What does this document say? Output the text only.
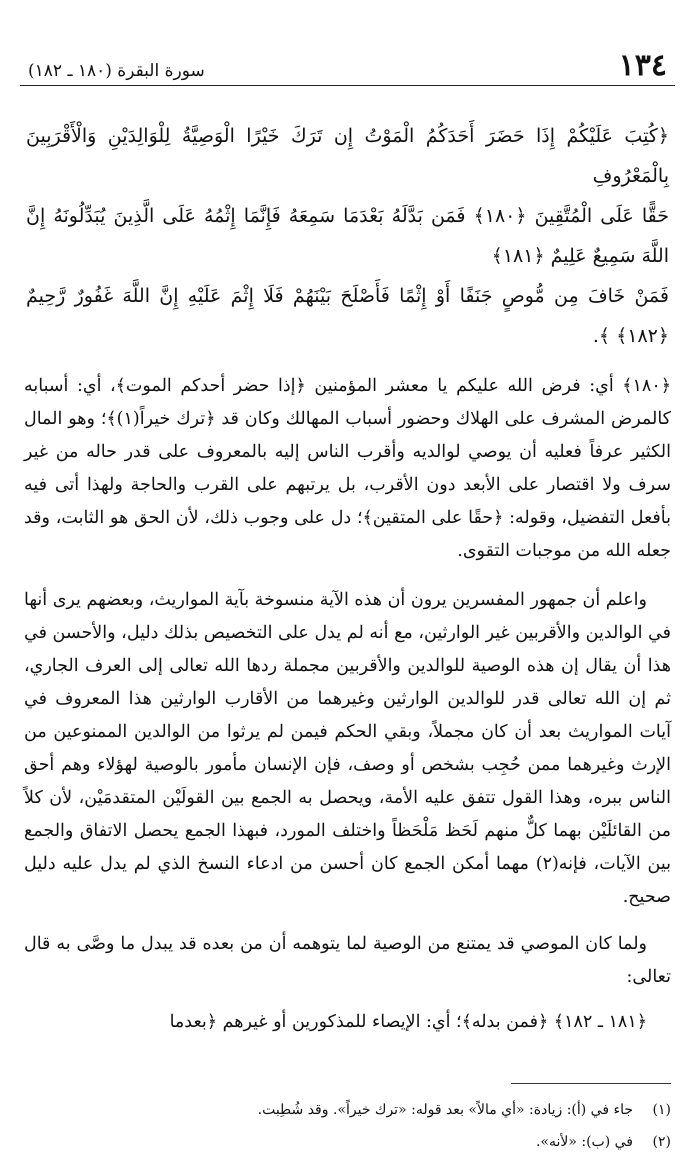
١٣٤
سورة البقرة (١٨٠ ـ ١٨٢)

﴿كُتِبَ عَلَيْكُمْ إِذَا حَضَرَ أَحَدَكُمُ الْمَوْتُ إِن تَرَكَ خَيْرًا الْوَصِيَّةُ لِلْوَالِدَيْنِ وَالْأَقْرَبِينَ بِالْمَعْرُوفِ

حَقًّا عَلَى الْمُتَّقِينَ ﴿١٨٠﴾ فَمَن بَدَّلَهُ بَعْدَمَا سَمِعَهُ فَإِنَّمَا إِثْمُهُ عَلَى الَّذِينَ يُبَدِّلُونَهُ إِنَّ اللَّهَ سَمِيعٌ عَلِيمٌ ﴿١٨١﴾

فَمَنْ خَافَ مِن مُّوصٍ جَنَفًا أَوْ إِثْمًا فَأَصْلَحَ بَيْنَهُمْ فَلَا إِثْمَ عَلَيْهِ إِنَّ اللَّهَ غَفُورٌ رَّحِيمٌ ﴿١٨٢﴾ ﴾.

﴿١٨٠﴾ أي: فرض الله عليكم يا معشر المؤمنين ﴿إذا حضر أحدكم الموت﴾، أي: أسبابه كالمرض المشرف على الهلاك وحضور أسباب المهالك وكان قد ﴿ترك خيراً(١)﴾؛ وهو المال الكثير عرفاً فعليه أن يوصي لوالديه وأقرب الناس إليه بالمعروف على قدر حاله من غير سرف ولا اقتصار على الأبعد دون الأقرب، بل يرتبهم على القرب والحاجة ولهذا أتى فيه بأفعل التفضيل، وقوله: ﴿حقًا على المتقين﴾؛ دل على وجوب ذلك، لأن الحق هو الثابت، وقد جعله الله من موجبات التقوى.

واعلم أن جمهور المفسرين يرون أن هذه الآية منسوخة بآية المواريث، وبعضهم يرى أنها في الوالدين والأقربين غير الوارثين، مع أنه لم يدل على التخصيص بذلك دليل، والأحسن في هذا أن يقال إن هذه الوصية للوالدين والأقربين مجملة ردها الله تعالى إلى العرف الجاري، ثم إن الله تعالى قدر للوالدين الوارثين وغيرهما من الأقارب الوارثين هذا المعروف في آيات المواريث بعد أن كان مجملاً، وبقي الحكم فيمن لم يرثوا من الوالدين الممنوعين من الإرث وغيرهما ممن حُجِب بشخص أو وصف، فإن الإنسان مأمور بالوصية لهؤلاء وهم أحق الناس ببره، وهذا القول تتفق عليه الأمة، ويحصل به الجمع بين القولَيْن المتقدمَيْن، لأن كلاً من القائلَيْن بهما كلٌّ منهم لَحَظ مَلْحَظاً واختلف المورد، فبهذا الجمع يحصل الاتفاق والجمع بين الآيات، فإنه(٢) مهما أمكن الجمع كان أحسن من ادعاء النسخ الذي لم يدل عليه دليل صحيح.

ولما كان الموصي قد يمتنع من الوصية لما يتوهمه أن من بعده قد يبدل ما وصَّى به قال تعالى:

﴿١٨١ ـ ١٨٢﴾ ﴿فمن بدله﴾؛ أي: الإيصاء للمذكورين أو غيرهم ﴿بعدما

(١)
جاء في (أ): زيادة: «أي مالاً» بعد قوله: «ترك خيراً». وقد شُطِبت.
(٢)
في (ب): «لأنه».
